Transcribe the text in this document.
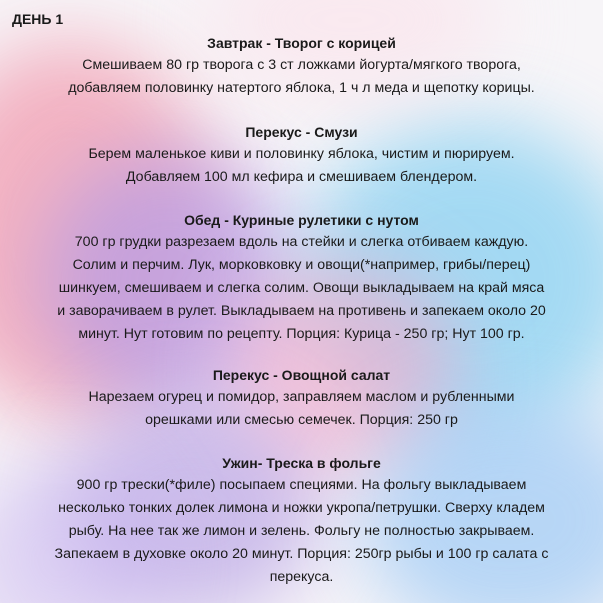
ДЕНЬ 1
Завтрак - Творог с корицей

Смешиваем 80 гр творога с 3 ст ложками йогурта/мягкого творога,
добавляем половинку натертого яблока, 1 ч л меда и щепотку корицы.

Перекус - Смузи

Берем маленькое киви и половинку яблока, чистим и пюрируем.
Добавляем 100 мл кефира и смешиваем блендером.

Обед - Куриные рулетики с нутом

700 гр грудки разрезаем вдоль на стейки и слегка отбиваем каждую.
Солим и перчим. Лук, морковковку и овощи(*например, грибы/перец)
шинкуем, смешиваем и слегка солим. Овощи выкладываем на край мяса
и заворачиваем в рулет. Выкладываем на противень и запекаем около 20
минут. Нут готовим по рецепту. Порция: Курица - 250 гр; Нут 100 гр.

Перекус - Овощной салат

Нарезаем огурец и помидор, заправляем маслом и рубленными
орешками или смесью семечек. Порция: 250 гр

Ужин- Треска в фольге

900 гр трески(*филе) посыпаем специями. На фольгу выкладываем
несколько тонких долек лимона и ножки укропа/петрушки. Сверху кладем
рыбу. На нее так же лимон и зелень. Фольгу не полностью закрываем.
Запекаем в духовке около 20 минут. Порция: 250гр рыбы и 100 гр салата с
перекуса.
